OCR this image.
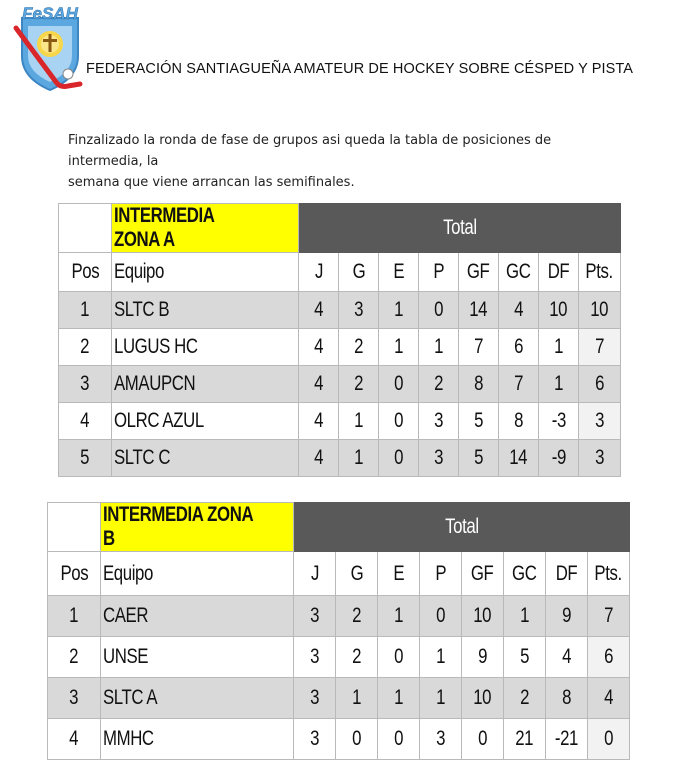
FeSAH
FEDERACIÓN SANTIAGUEÑA AMATEUR DE HOCKEY SOBRE CÉSPED Y PISTA

Finzalizado la ronda de fase de grupos asi queda la tabla de posiciones de intermedia, la

semana que viene arrancan las semifinales.

	INTERMEDIA ZONA A	Total							
Pos	Equipo	J	G	E	P	GF	GC	DF	Pts.
1	SLTC B	4	3	1	0	14	4	10	10
2	LUGUS HC	4	2	1	1	7	6	1	7
3	AMAUPCN	4	2	0	2	8	7	1	6
4	OLRC AZUL	4	1	0	3	5	8	-3	3
5	SLTC C	4	1	0	3	5	14	-9	3
	INTERMEDIA ZONA B	Total							
Pos	Equipo	J	G	E	P	GF	GC	DF	Pts.
1	CAER	3	2	1	0	10	1	9	7
2	UNSE	3	2	0	1	9	5	4	6
3	SLTC A	3	1	1	1	10	2	8	4
4	MMHC	3	0	0	3	0	21	-21	0
